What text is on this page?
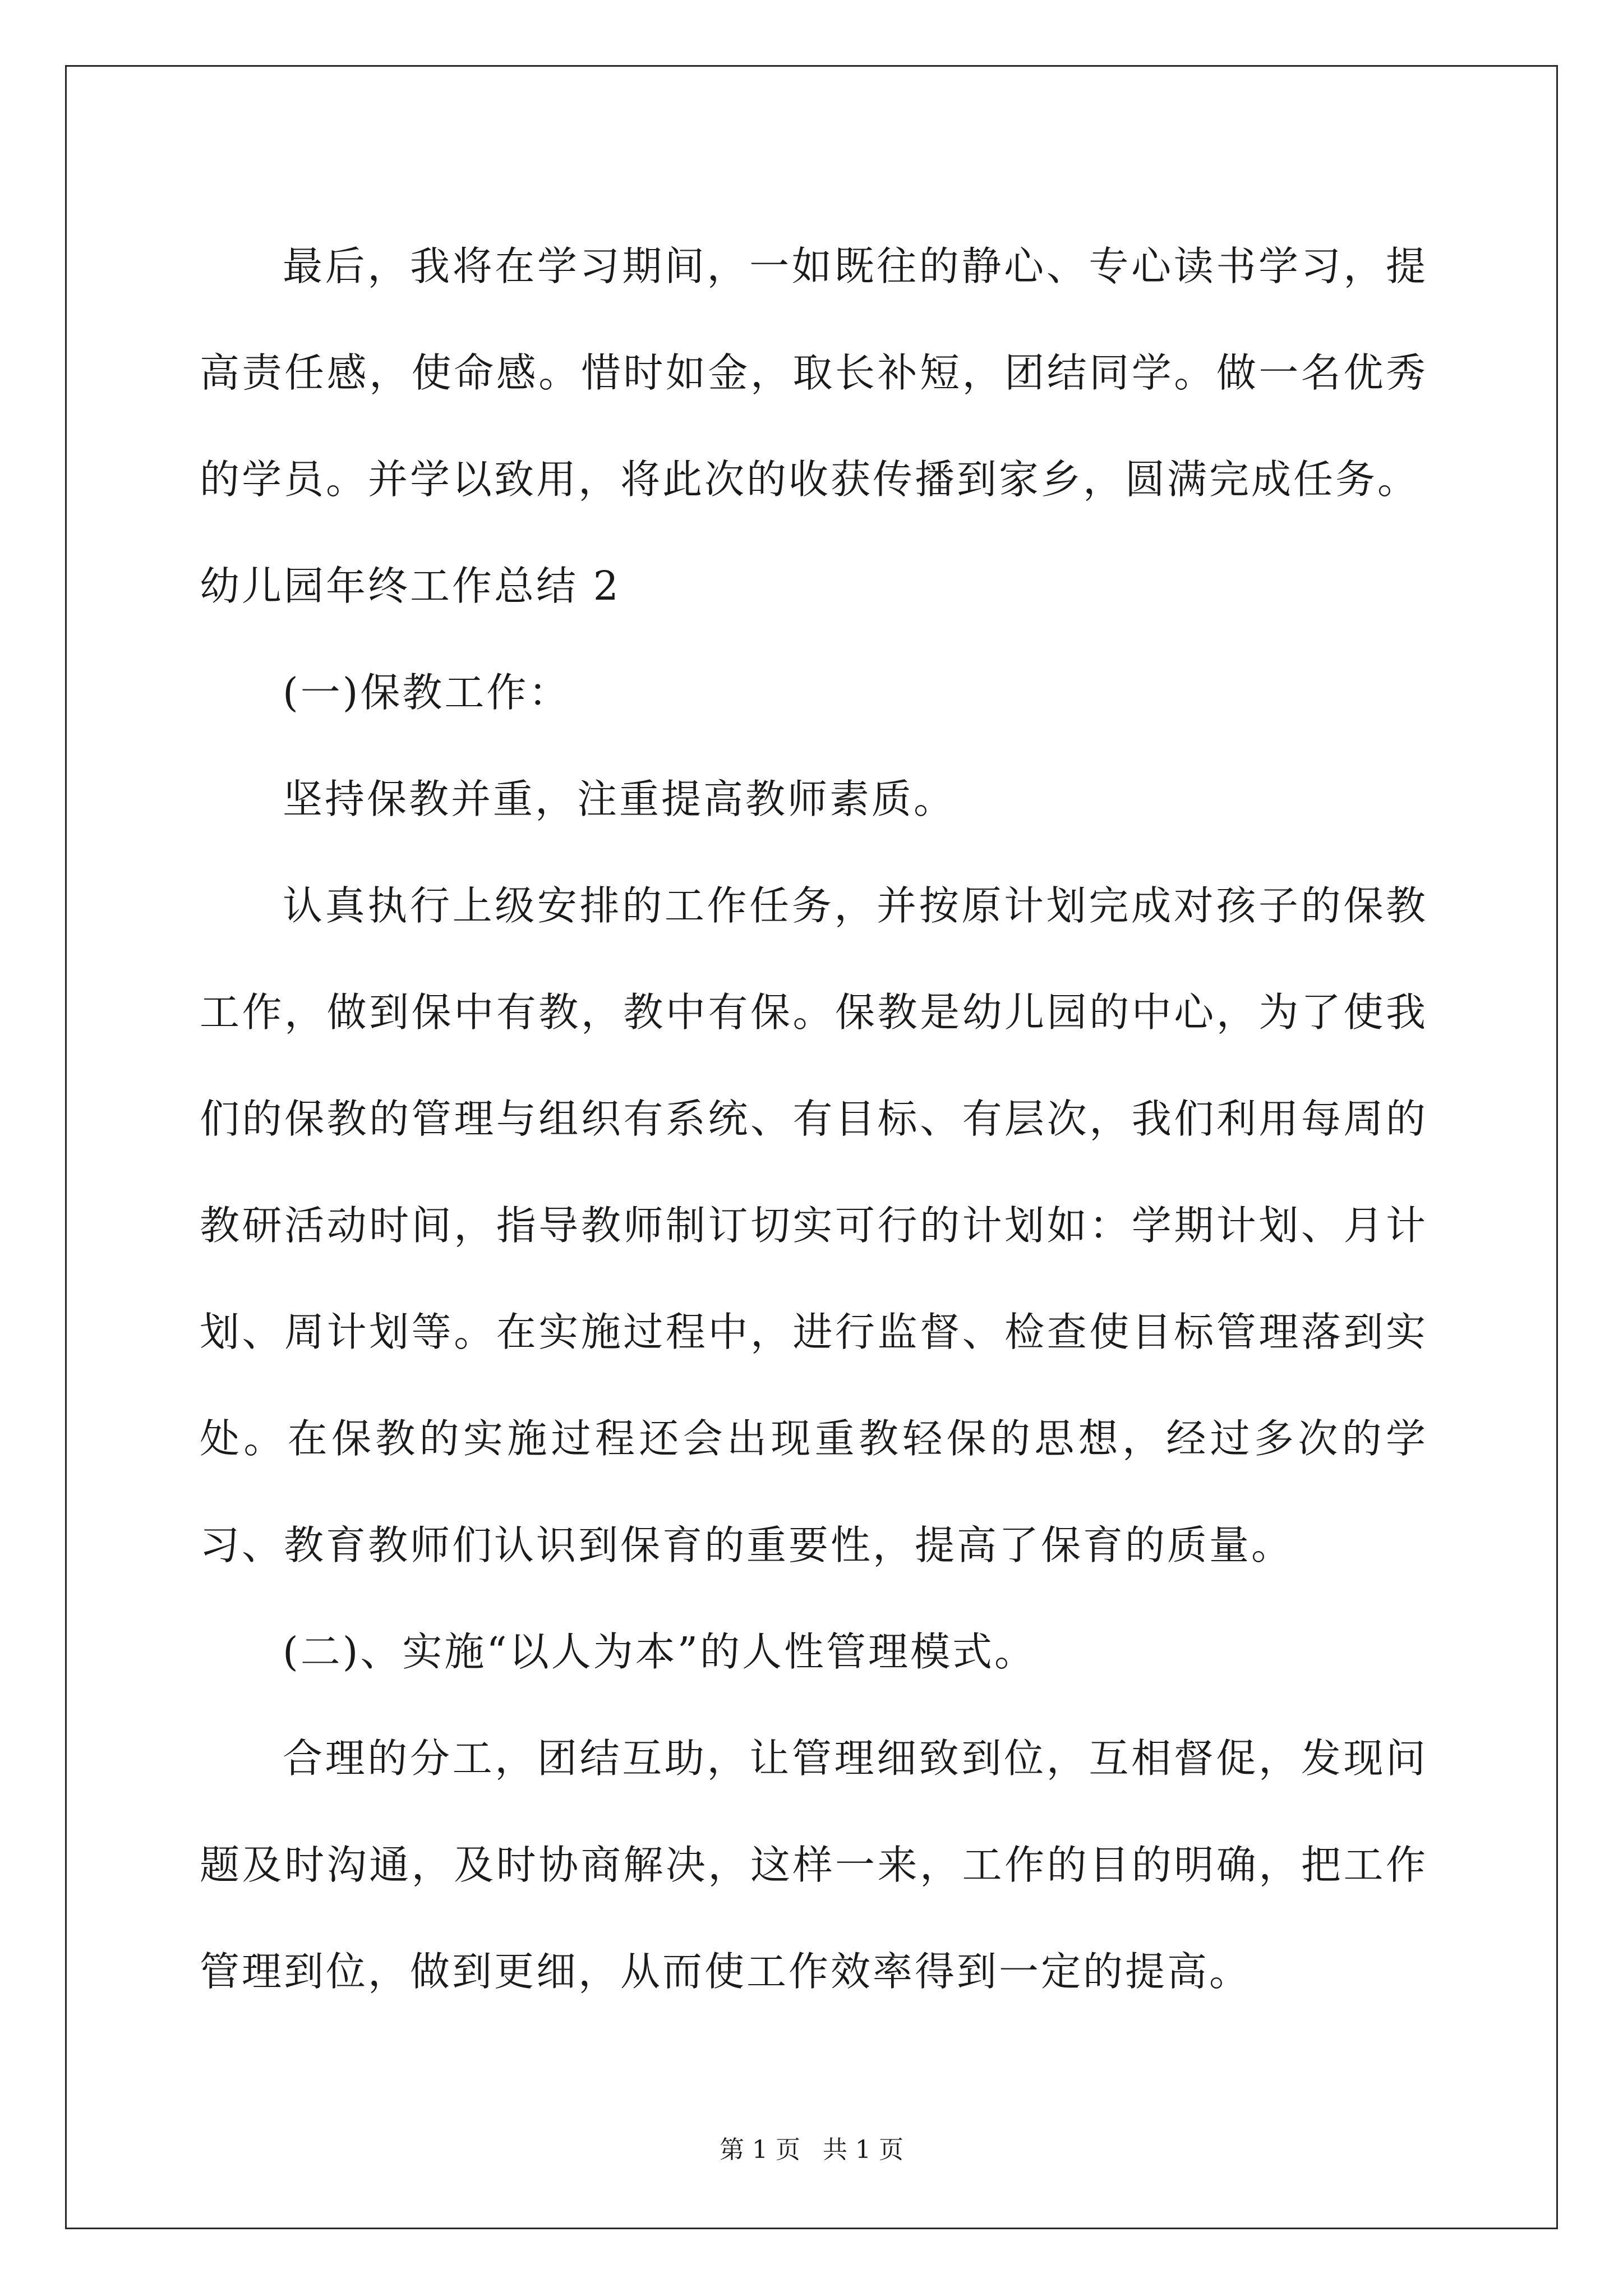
最后，我将在学习期间，一如既往的静心、专心读书学习，提高责任感，使命感。惜时如金，取长补短，团结同学。做一名优秀的学员。并学以致用，将此次的收获传播到家乡，圆满完成任务。

幼儿园年终工作总结 2

(一)保教工作：

坚持保教并重，注重提高教师素质。

认真执行上级安排的工作任务，并按原计划完成对孩子的保教工作，做到保中有教，教中有保。保教是幼儿园的中心，为了使我们的保教的管理与组织有系统、有目标、有层次，我们利用每周的教研活动时间，指导教师制订切实可行的计划如：学期计划、月计划、周计划等。在实施过程中，进行监督、检查使目标管理落到实处。在保教的实施过程还会出现重教轻保的思想，经过多次的学习、教育教师们认识到保育的重要性，提高了保育的质量。

(二)、实施“以人为本”的人性管理模式。

合理的分工，团结互助，让管理细致到位，互相督促，发现问题及时沟通，及时协商解决，这样一来，工作的目的明确，把工作管理到位，做到更细，从而使工作效率得到一定的提高。

第 1 页 共 1 页
